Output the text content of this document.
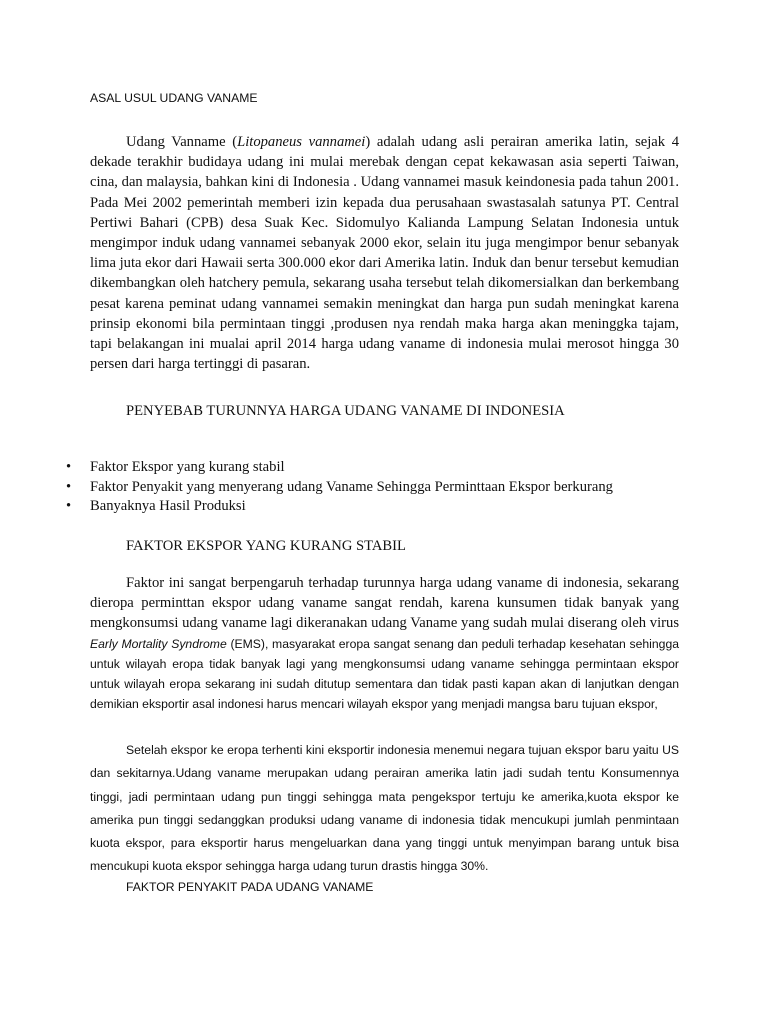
ASAL USUL UDANG VANAME

Udang Vanname (Litopaneus vannamei) adalah udang asli perairan amerika latin, sejak 4 dekade terakhir budidaya udang ini mulai merebak dengan cepat kekawasan asia seperti Taiwan, cina, dan malaysia, bahkan kini di Indonesia . Udang vannamei masuk keindonesia pada tahun 2001. Pada Mei 2002 pemerintah memberi izin kepada dua perusahaan swastasalah satunya PT. Central Pertiwi Bahari (CPB) desa Suak Kec. Sidomulyo Kalianda Lampung Selatan Indonesia untuk mengimpor induk udang vannamei sebanyak 2000 ekor, selain itu juga mengimpor benur sebanyak lima juta ekor dari Hawaii serta 300.000 ekor dari Amerika latin. Induk dan benur tersebut kemudian dikembangkan oleh hatchery pemula, sekarang usaha tersebut telah dikomersialkan dan berkembang pesat karena peminat udang vannamei semakin meningkat dan harga pun sudah meningkat karena prinsip ekonomi bila permintaan tinggi ,produsen nya rendah maka harga akan meninggka tajam, tapi belakangan ini mualai april 2014 harga udang vaname di indonesia mulai merosot hingga 30 persen dari harga tertinggi di pasaran.

PENYEBAB TURUNNYA HARGA UDANG VANAME DI INDONESIA
• Faktor Ekspor yang kurang stabil
• Faktor Penyakit yang menyerang udang Vaname Sehingga Perminttaan Ekspor berkurang
• Banyaknya Hasil Produksi
FAKTOR EKSPOR YANG KURANG STABIL

Faktor ini sangat berpengaruh terhadap turunnya harga udang vaname di indonesia, sekarang dieropa perminttan ekspor udang vaname sangat rendah, karena kunsumen tidak banyak yang mengkonsumsi udang vaname lagi dikeranakan udang Vaname yang sudah mulai diserang oleh virus Early Mortality Syndrome (EMS), masyarakat eropa sangat senang dan peduli terhadap kesehatan sehingga untuk wilayah eropa tidak banyak lagi yang mengkonsumsi udang vaname sehingga permintaan ekspor untuk wilayah eropa sekarang ini sudah ditutup sementara dan tidak pasti kapan akan di lanjutkan dengan demikian eksportir asal indonesi harus mencari wilayah ekspor yang menjadi mangsa baru tujuan ekspor,

Setelah ekspor ke eropa terhenti kini eksportir indonesia menemui negara tujuan ekspor baru yaitu US dan sekitarnya.Udang vaname merupakan udang perairan amerika latin jadi sudah tentu Konsumennya tinggi, jadi permintaan udang pun tinggi sehingga mata pengekspor tertuju ke amerika,kuota ekspor ke amerika pun tinggi sedanggkan produksi udang vaname di indonesia tidak mencukupi jumlah penmintaan kuota ekspor, para eksportir harus mengeluarkan dana yang tinggi untuk menyimpan barang untuk bisa mencukupi kuota ekspor sehingga harga udang turun drastis hingga 30%.

FAKTOR PENYAKIT PADA UDANG VANAME
